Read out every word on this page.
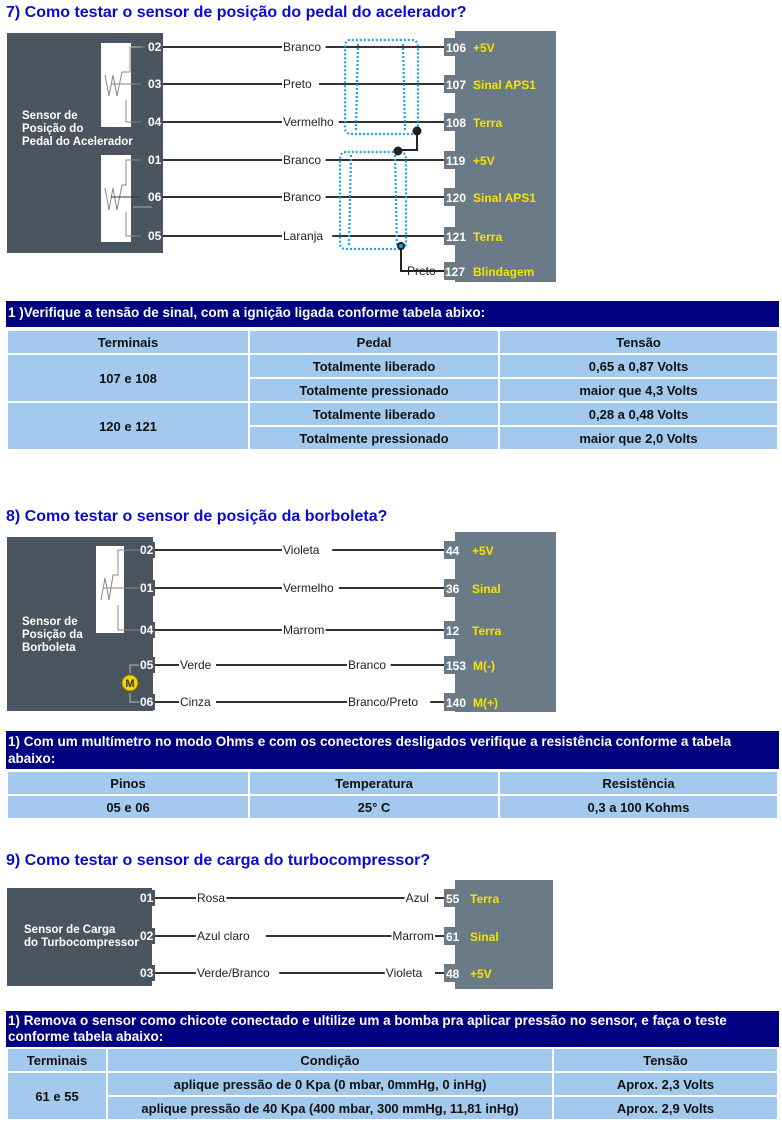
7) Como testar o sensor de posição do pedal do acelerador?
02	Branco	106 +5V
03	Preto	107 Sinal APS1
04	Vermelho	108 Terra
01	Branco	119 +5V
06	Branco	120 Sinal APS1
05	Laranja	121 Terra
Preto 127 Blindagem
Sensor de
Posição do
Pedal do Acelerador
1 )Verifique a tensão de sinal, com a ignição ligada conforme tabela abixo:
Terminais	Pedal	Tensão
107 e 108	Totalmente liberado	0,65 a 0,87 Volts
	Totalmente pressionado	maior que 4,3 Volts
120 e 121	Totalmente liberado	0,28 a 0,48 Volts
	Totalmente pressionado	maior que 2,0 Volts
8) Como testar o sensor de posição da borboleta?
M
02	Violeta	44 +5V
01	Vermelho	36 Sinal
04	Marrom	12 Terra
05 Verde	Branco	153 M(-)
06 Cinza	Branco/Preto 140 M(+)
Sensor de
Posição da
Borboleta
1) Com um multímetro no modo Ohms e com os conectores desligados verifique a resistência conforme a tabela abaixo:
Pinos	Temperatura	Resistência
05 e 06	25° C	0,3 a 100 Kohms
9) Como testar o sensor de carga do turbocompressor?
01	Rosa	Azul 55 Terra
02	Azul claro	Marrom 61 Sinal
03	Verde/Branco	Violeta 48 +5V
Sensor de Carga
do Turbocompressor
1) Remova o sensor como chicote conectado e ultilize um a bomba pra aplicar pressão no sensor, e faça o teste conforme tabela abaixo:
Terminais	Condição	Tensão
61 e 55	aplique pressão de 0 Kpa (0 mbar, 0mmHg, 0 inHg)	Aprox. 2,3 Volts
	aplique pressão de 40 Kpa (400 mbar, 300 mmHg, 11,81 inHg)	Aprox. 2,9 Volts
